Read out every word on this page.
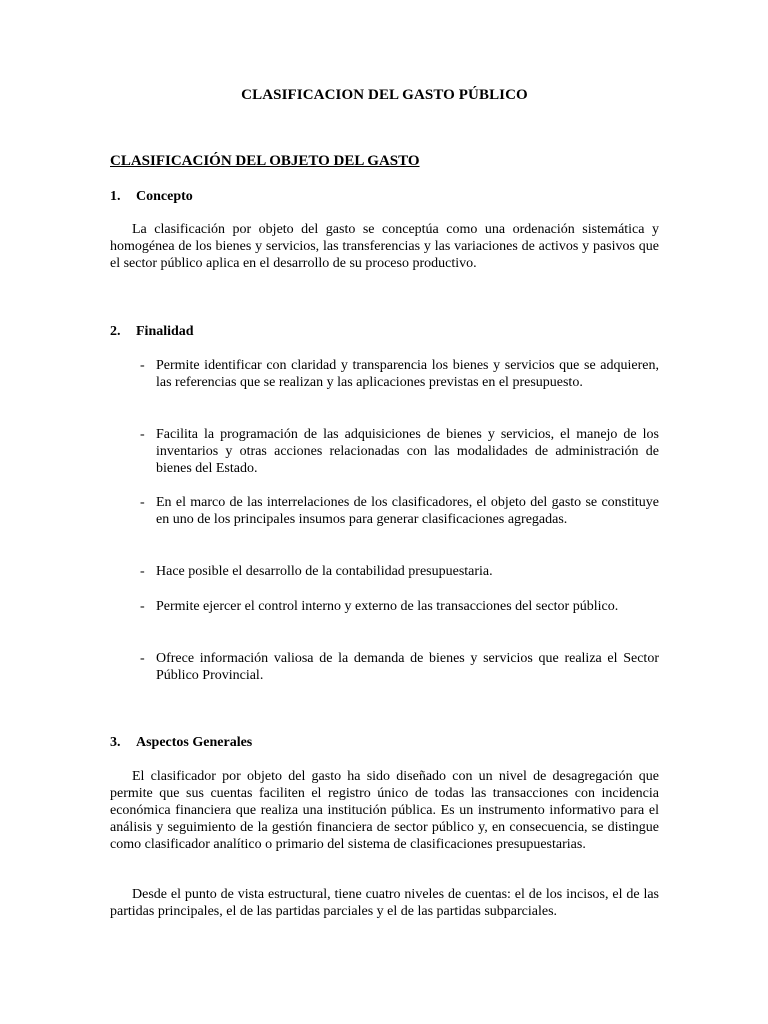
CLASIFICACION DEL GASTO PÚBLICO
CLASIFICACIÓN DEL OBJETO DEL GASTO
1. Concepto
La clasificación por objeto del gasto se conceptúa como una ordenación sistemática y homogénea de los bienes y servicios, las transferencias y las variaciones de activos y pasivos que el sector público aplica en el desarrollo de su proceso productivo.
2. Finalidad
- Permite identificar con claridad y transparencia los bienes y servicios que se adquieren, las referencias que se realizan y las aplicaciones previstas en el presupuesto.
- Facilita la programación de las adquisiciones de bienes y servicios, el manejo de los inventarios y otras acciones relacionadas con las modalidades de administración de bienes del Estado.
- En el marco de las interrelaciones de los clasificadores, el objeto del gasto se constituye en uno de los principales insumos para generar clasificaciones agregadas.
- Hace posible el desarrollo de la contabilidad presupuestaria.
- Permite ejercer el control interno y externo de las transacciones del sector público.
- Ofrece información valiosa de la demanda de bienes y servicios que realiza el Sector Público Provincial.
3. Aspectos Generales
El clasificador por objeto del gasto ha sido diseñado con un nivel de desagregación que permite que sus cuentas faciliten el registro único de todas las transacciones con incidencia económica financiera que realiza una institución pública. Es un instrumento informativo para el análisis y seguimiento de la gestión financiera de sector público y, en consecuencia, se distingue como clasificador analítico o primario del sistema de clasificaciones presupuestarias.
Desde el punto de vista estructural, tiene cuatro niveles de cuentas: el de los incisos, el de las partidas principales, el de las partidas parciales y el de las partidas subparciales.
